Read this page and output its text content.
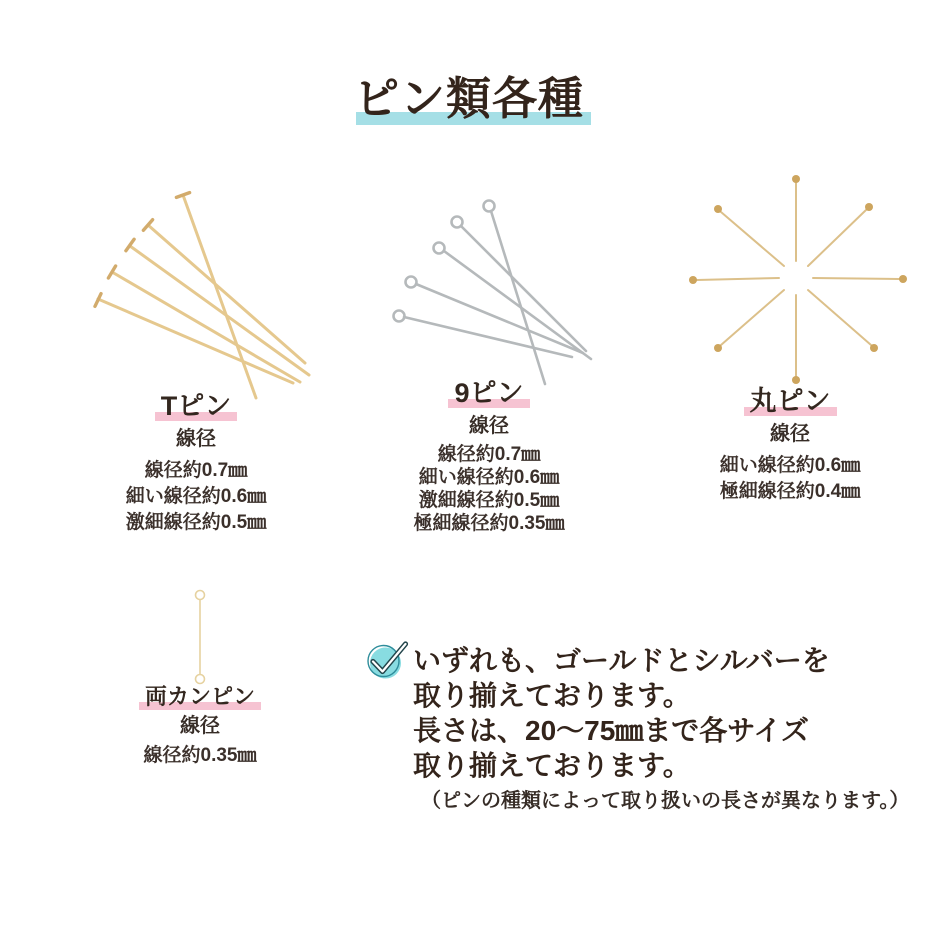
ピン類各種
Tピン
線径
線径約0.7㎜
細い線径約0.6㎜
激細線径約0.5㎜
9ピン
線径
線径約0.7㎜
細い線径約0.6㎜
激細線径約0.5㎜
極細線径約0.35㎜
丸ピン
線径
細い線径約0.6㎜
極細線径約0.4㎜
両カンピン
線径
線径約0.35㎜
いずれも、ゴールドとシルバーを
取り揃えております。
長さは、20〜75㎜まで各サイズ
取り揃えております。
（ピンの種類によって取り扱いの長さが異なります。）
